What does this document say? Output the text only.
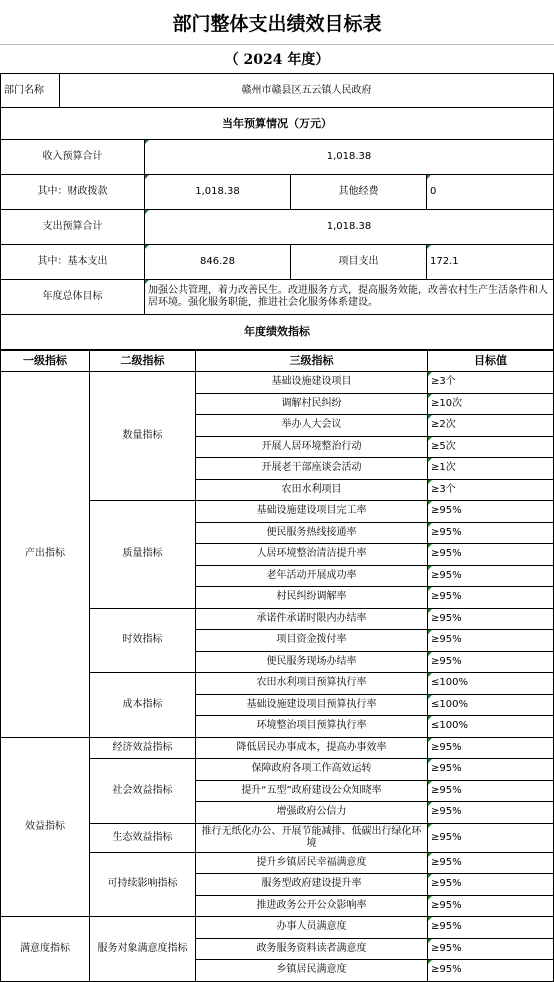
部门整体支出绩效目标表
（ 2024 年度）
部门名称	赣州市赣县区五云镇人民政府			
当年预算情况（万元）				
收入预算合计		1,018.38		
其中：财政拨款		1,018.38	其他经费	0
支出预算合计		1,018.38		
其中：基本支出		846.28	项目支出	172.1
年度总体目标		加强公共管理，着力改善民生。改进服务方式，提高服务效能，改善农村生产生活条件和人居环境。强化服务职能，推进社会化服务体系建设。		
年度绩效指标				
一级指标	二级指标	三级指标	目标值
产出指标	数量指标	基础设施建设项目	≥3个
		调解村民纠纷	≥10次
		举办人大会议	≥2次
		开展人居环境整治行动	≥5次
		开展老干部座谈会活动	≥1次
		农田水利项目	≥3个
	质量指标	基础设施建设项目完工率	≥95%
		便民服务热线接通率	≥95%
		人居环境整治清洁提升率	≥95%
		老年活动开展成功率	≥95%
		村民纠纷调解率	≥95%
	时效指标	承诺件承诺时限内办结率	≥95%
		项目资金拨付率	≥95%
		便民服务现场办结率	≥95%
	成本指标	农田水利项目预算执行率	≤100%
		基础设施建设项目预算执行率	≤100%
		环境整治项目预算执行率	≤100%
效益指标	经济效益指标	降低居民办事成本，提高办事效率	≥95%
	社会效益指标	保障政府各项工作高效运转	≥95%
		提升“五型”政府建设公众知晓率	≥95%
		增强政府公信力	≥95%
	生态效益指标	推行无纸化办公、开展节能减排、低碳出行绿化环境	≥95%
	可持续影响指标	提升乡镇居民幸福满意度	≥95%
		服务型政府建设提升率	≥95%
		推进政务公开公众影响率	≥95%
满意度指标	服务对象满意度指标	办事人员满意度	≥95%
		政务服务资料读者满意度	≥95%
		乡镇居民满意度	≥95%
